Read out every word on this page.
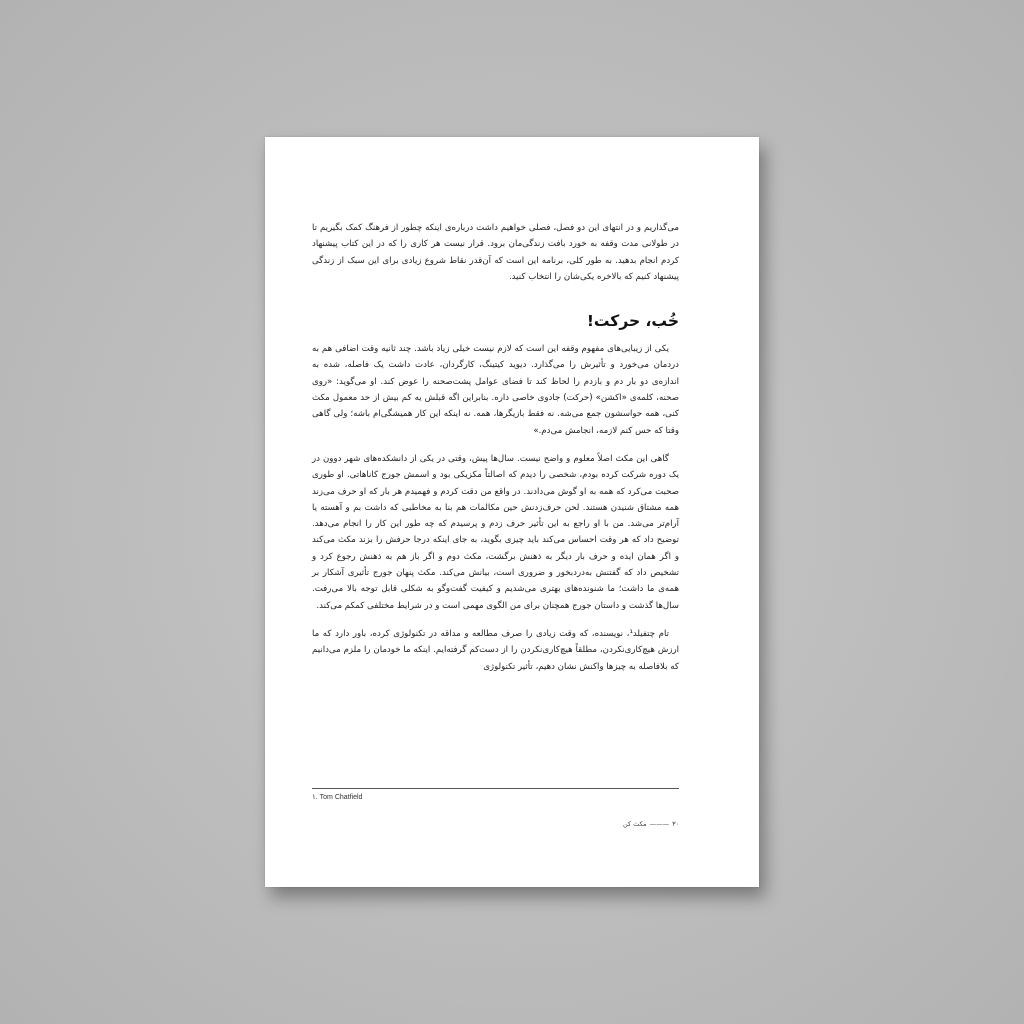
می‌گذاریم و در انتهای این دو فصل، فصلی خواهیم داشت درباره‌ی اینکه چطور از فرهنگ کمک بگیریم تا در طولانی مدت وقفه به خورد بافت زندگی‌مان برود. قرار نیست هر کاری را که در این کتاب پیشنهاد کردم انجام بدهید. به طور کلی، برنامه این است که آن‌قدر نقاط شروع زیادی برای این سبک از زندگی پیشنهاد کنیم که بالاخره یکی‌شان را انتخاب کنید.

خُب، حرکت!

یکی از زیبایی‌های مفهوم وقفه این است که لازم نیست خیلی زیاد باشد. چند ثانیه وقت اضافی هم به دردمان می‌خورد و تأثیرش را می‌گذارد. دیوید کیتینگ، کارگردان، عادت داشت یک فاصله، شده به اندازه‌ی دو بار دم و بازدم را لحاظ کند تا فضای عوامل پشت‌صحنه را عوض کند. او می‌گوید: «روی صحنه، کلمه‌ی «اکشن» (حرکت) جادوی خاصی داره. بنابراین اگه قبلش یه کم بیش از حد معمول مکث کنی، همه حواسشون جمع می‌شه. نه فقط بازیگرها، همه. نه اینکه این کار همیشگی‌ام باشه؛ ولی گاهی وقتا که حس کنم لازمه، انجامش می‌دم.»

گاهی این مکث اصلاً معلوم و واضح نیست. سال‌ها پیش، وقتی در یکی از دانشکده‌های شهر دوون در یک دوره شرکت کرده بودم، شخصی را دیدم که اصالتاً مکزیکی بود و اسمش جورج کاناهاتی. او طوری صحبت می‌کرد که همه به او گوش می‌دادند. در واقع من دقت کردم و فهمیدم هر بار که او حرف می‌زند همه مشتاق شنیدن هستند. لحن حرف‌زدنش حین مکالمات هم بنا به مخاطبی که داشت بم و آهسته یا آرام‌تر می‌شد. من با او راجع به این تأثیر حرف زدم و پرسیدم که چه طور این کار را انجام می‌دهد. توضیح داد که هر وقت احساس می‌کند باید چیزی بگوید، به جای اینکه درجا حرفش را بزند مکث می‌کند و اگر همان ایده و حرف بار دیگر به ذهنش برگشت، مکث دوم و اگر باز هم به ذهنش رجوع کرد و تشخیص داد که گفتنش به‌دردبخور و ضروری است، بیانش می‌کند. مکث پنهان جورج تأثیری آشکار بر همه‌ی ما داشت؛ ما شنونده‌های بهتری می‌شدیم و کیفیت گفت‌وگو به شکلی قابل توجه بالا می‌رفت. سال‌ها گذشت و داستان جورج همچنان برای من الگوی مهمی است و در شرایط مختلفی کمکم می‌کند.

تام چتفیلد¹، نویسنده، که وقت زیادی را صرف مطالعه و مداقه در تکنولوژی کرده، باور دارد که ما ارزش هیچ‌کاری‌نکردن، مطلقاً هیچ‌کاری‌نکردن را از دست‌کم گرفته‌ایم. اینکه ما خودمان را ملزم می‌دانیم که بلافاصله به چیزها واکنش نشان دهیم، تأثیر تکنولوژی

١. Tom Chatfield
۳۰———مکث کن
